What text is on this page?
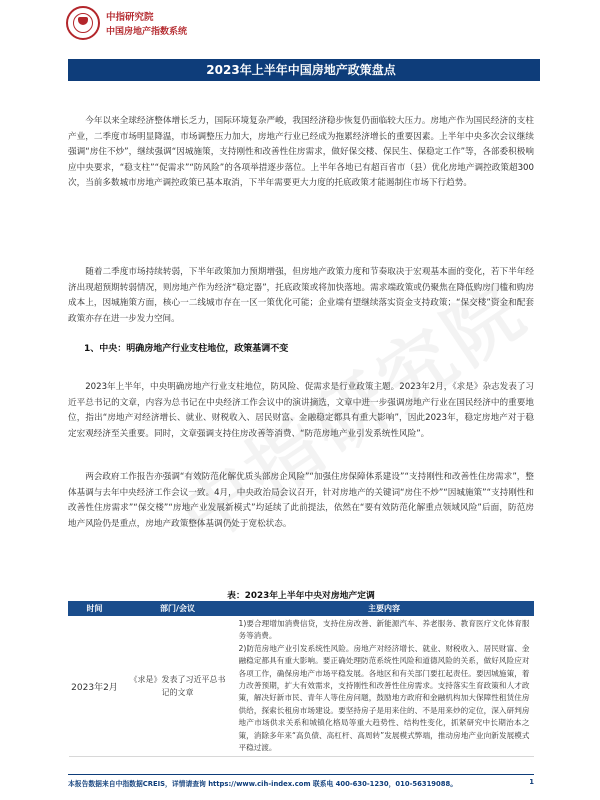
中指研究院
中国房地产指数系统
2023年上半年中国房地产政策盘点

今年以来全球经济整体增长乏力，国际环境复杂严峻，我国经济稳步恢复仍面临较大压力。房地产作为国民经济的支柱产业，二季度市场明显降温，市场调整压力加大，房地产行业已经成为拖累经济增长的重要因素。上半年中央多次会议继续强调“房住不炒”，继续强调“因城施策，支持刚性和改善性住房需求，做好保交楼、保民生、保稳定工作”等，各部委积极响应中央要求，“稳支柱”“促需求”“防风险”的各项举措逐步落位。上半年各地已有超百省市（县）优化房地产调控政策超300次，当前多数城市房地产调控政策已基本取消，下半年需要更大力度的托底政策才能遏制住市场下行趋势。

随着二季度市场持续转弱，下半年政策加力预期增强，但房地产政策力度和节奏取决于宏观基本面的变化，若下半年经济出现超预期转弱情况，则房地产作为经济“稳定器”，托底政策或将加快落地。需求端政策或仍聚焦在降低购房门槛和购房成本上，因城施策方面，核心一二线城市存在一区一策优化可能；企业端有望继续落实资金支持政策；“保交楼”资金和配套政策亦存在进一步发力空间。

1、中央：明确房地产行业支柱地位，政策基调不变

2023年上半年，中央明确房地产行业支柱地位，防风险、促需求是行业政策主题。2023年2月，《求是》杂志发表了习近平总书记的文章，内容为总书记在中央经济工作会议中的演讲摘选，文章中进一步强调房地产行业在国民经济中的重要地位，指出“房地产对经济增长、就业、财税收入、居民财富、金融稳定都具有重大影响”，因此2023年，稳定房地产对于稳定宏观经济至关重要。同时，文章强调支持住房改善等消费、“防范房地产业引发系统性风险”。

两会政府工作报告亦强调“有效防范化解优质头部房企风险”“加强住房保障体系建设”“支持刚性和改善性住房需求”，整体基调与去年中央经济工作会议一致。4月，中央政治局会议召开，针对房地产的关键词“房住不炒”“因城施策”“支持刚性和改善性住房需求”“保交楼”“房地产业发展新模式”均延续了此前提法，依然在“要有效防范化解重点领域风险”后面，防范房地产风险仍是重点，房地产政策整体基调仍处于宽松状态。

表：2023年上半年中央对房地产定调
时间	部门/会议	主要内容
2023年2月	《求是》发表了习近平总书记的文章	1)要合理增加消费信贷，支持住房改善、新能源汽车、养老服务、教育医疗文化体育服务等消费。

2)防范房地产业引发系统性风险。房地产对经济增长、就业、财税收入、居民财富、金融稳定都具有重大影响。要正确处理防范系统性风险和道德风险的关系，做好风险应对各项工作，确保房地产市场平稳发展。各地区和有关部门要扛起责任。要因城施策，着力改善预期，扩大有效需求，支持刚性和改善性住房需求。支持落实生育政策和人才政策，解决好新市民、青年人等住房问题，鼓励地方政府和金融机构加大保障性租赁住房供给，探索长租房市场建设。要坚持房子是用来住的、不是用来炒的定位，深入研判房地产市场供求关系和城镇化格局等重大趋势性、结构性变化，抓紧研究中长期治本之策，消除多年来“高负债、高杠杆、高周转”发展模式弊端，推动房地产业向新发展模式平稳过渡。

本报告数据来自中指数据CREIS，详情请查询 https://www.cih-index.com 联系电 400-630-1230，010-56319088。	1
